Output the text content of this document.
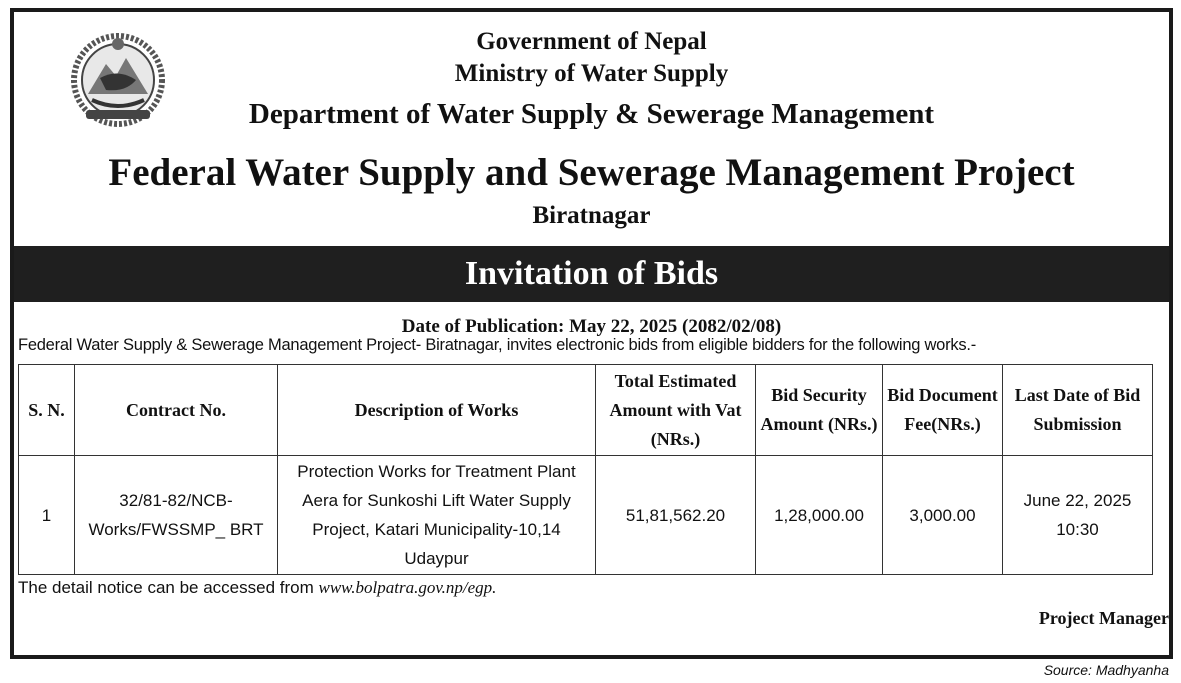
Government of Nepal
Ministry of Water Supply
Department of Water Supply & Sewerage Management
Federal Water Supply and Sewerage Management Project
Biratnagar
Invitation of Bids
Date of Publication: May 22, 2025 (2082/02/08)
Federal Water Supply & Sewerage Management Project- Biratnagar, invites electronic bids from eligible bidders for the following works.-
S. N.	Contract No.	Description of Works	Total Estimated Amount with Vat (NRs.)	Bid Security Amount (NRs.)	Bid Document Fee(NRs.)	Last Date of Bid Submission
1	32/81-82/NCB-Works/FWSSMP_ BRT	Protection Works for Treatment Plant Aera for Sunkoshi Lift Water Supply Project, Katari Municipality-10,14 Udaypur	51,81,562.20	1,28,000.00	3,000.00	June 22, 2025 10:30
The detail notice can be accessed from www.bolpatra.gov.np/egp.
Project Manager
Source: Madhyanha
